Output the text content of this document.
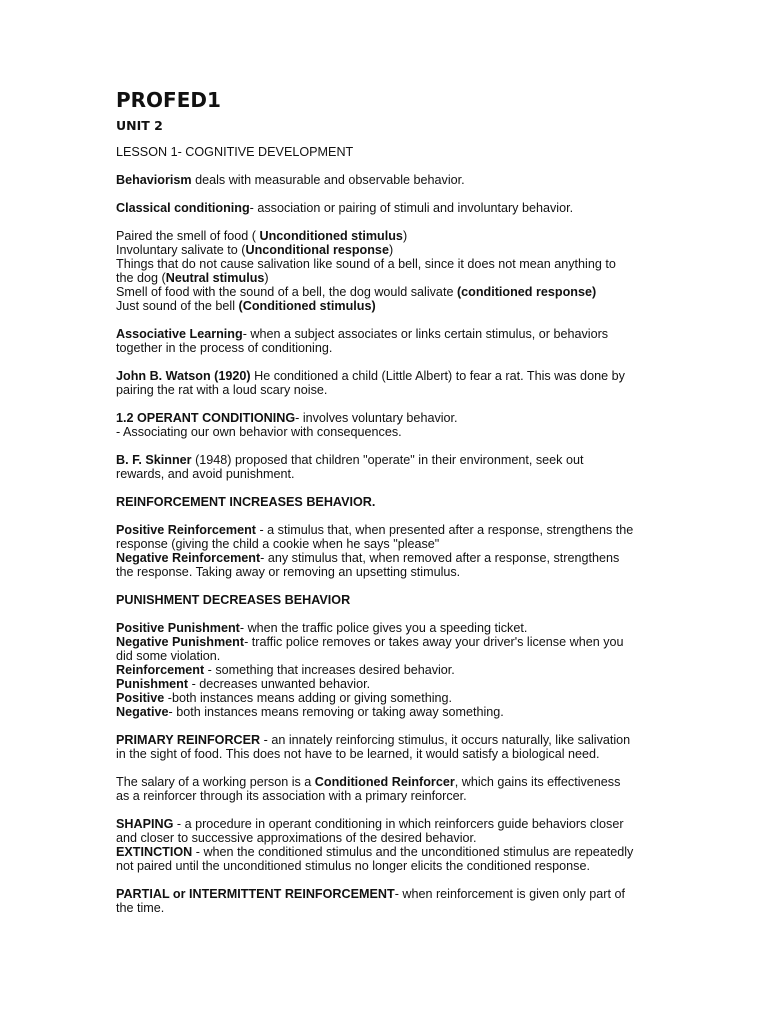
PROFED1
UNIT 2
LESSON 1- COGNITIVE DEVELOPMENT
Behaviorism deals with measurable and observable behavior.
Classical conditioning- association or pairing of stimuli and involuntary behavior.
Paired the smell of food ( Unconditioned stimulus)
Involuntary salivate to (Unconditional response)
Things that do not cause salivation like sound of a bell, since it does not mean anything to
the dog (Neutral stimulus)
Smell of food with the sound of a bell, the dog would salivate (conditioned response)
Just sound of the bell (Conditioned stimulus)
Associative Learning- when a subject associates or links certain stimulus, or behaviors
together in the process of conditioning.
John B. Watson (1920) He conditioned a child (Little Albert) to fear a rat. This was done by
pairing the rat with a loud scary noise.
1.2 OPERANT CONDITIONING- involves voluntary behavior.
- Associating our own behavior with consequences.
B. F. Skinner (1948) proposed that children "operate" in their environment, seek out
rewards, and avoid punishment.
REINFORCEMENT INCREASES BEHAVIOR.
Positive Reinforcement - a stimulus that, when presented after a response, strengthens the
response (giving the child a cookie when he says "please"
Negative Reinforcement- any stimulus that, when removed after a response, strengthens
the response. Taking away or removing an upsetting stimulus.
PUNISHMENT DECREASES BEHAVIOR
Positive Punishment- when the traffic police gives you a speeding ticket.
Negative Punishment- traffic police removes or takes away your driver's license when you
did some violation.
Reinforcement - something that increases desired behavior.
Punishment - decreases unwanted behavior.
Positive -both instances means adding or giving something.
Negative- both instances means removing or taking away something.
PRIMARY REINFORCER - an innately reinforcing stimulus, it occurs naturally, like salivation
in the sight of food. This does not have to be learned, it would satisfy a biological need.
The salary of a working person is a Conditioned Reinforcer, which gains its effectiveness
as a reinforcer through its association with a primary reinforcer.
SHAPING - a procedure in operant conditioning in which reinforcers guide behaviors closer
and closer to successive approximations of the desired behavior.
EXTINCTION - when the conditioned stimulus and the unconditioned stimulus are repeatedly
not paired until the unconditioned stimulus no longer elicits the conditioned response.
PARTIAL or INTERMITTENT REINFORCEMENT- when reinforcement is given only part of
the time.
